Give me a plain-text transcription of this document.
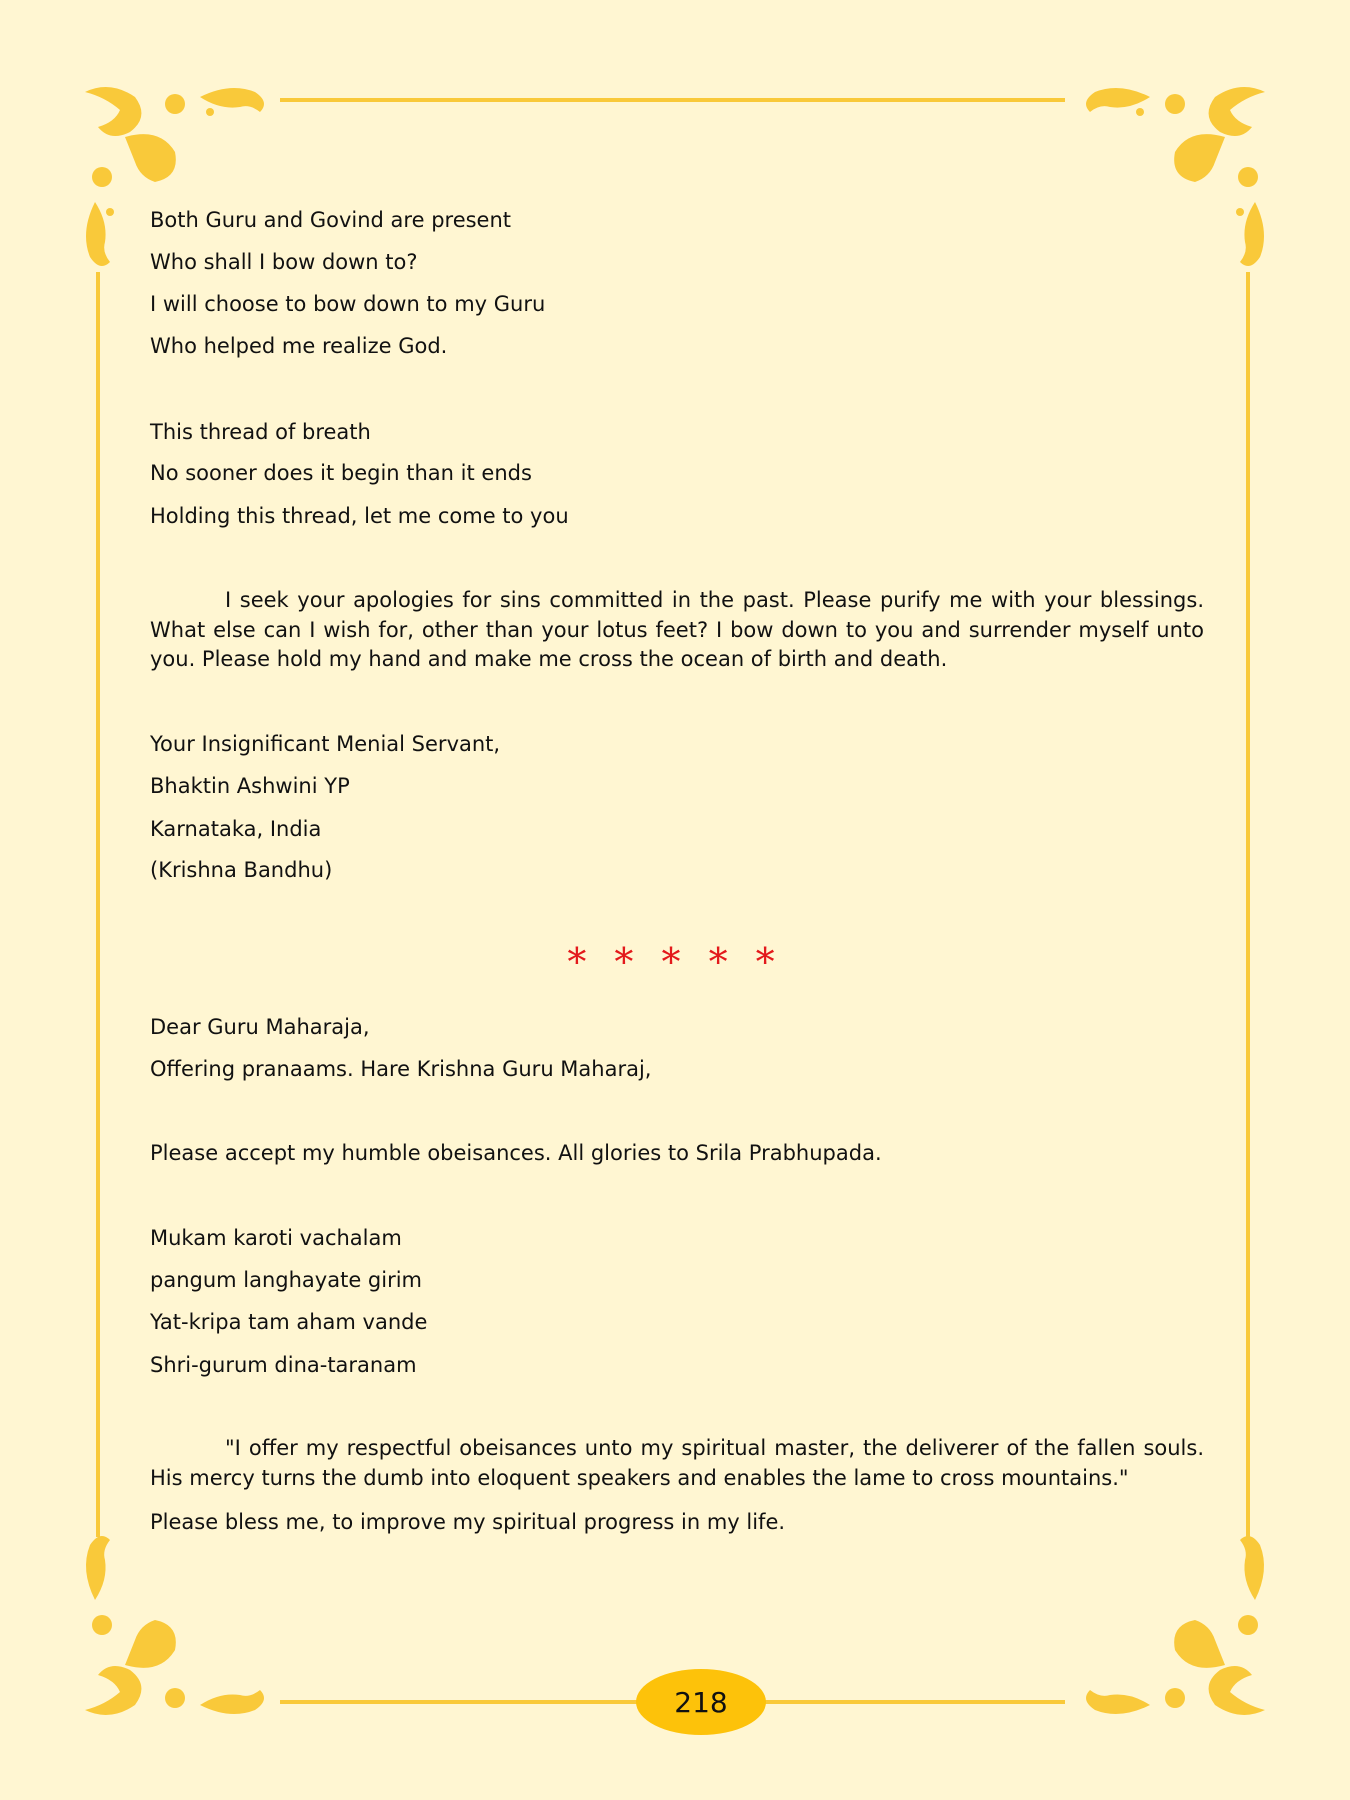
Both Guru and Govind are present
Who shall I bow down to?
I will choose to bow down to my Guru
Who helped me realize God.
This thread of breath
No sooner does it begin than it ends
Holding this thread, let me come to you
I seek your apologies for sins committed in the past. Please purify me with your blessings. What else can I wish for, other than your lotus feet? I bow down to you and surrender myself unto you. Please hold my hand and make me cross the ocean of birth and death.
Your Insignificant Menial Servant,
Bhaktin Ashwini YP
Karnataka, India
(Krishna Bandhu)
* * * * *
Dear Guru Maharaja,
Offering pranaams. Hare Krishna Guru Maharaj,
Please accept my humble obeisances. All glories to Srila Prabhupada.
Mukam karoti vachalam
pangum langhayate girim
Yat-kripa tam aham vande
Shri-gurum dina-taranam
"I offer my respectful obeisances unto my spiritual master, the deliverer of the fallen souls. His mercy turns the dumb into eloquent speakers and enables the lame to cross mountains."
Please bless me, to improve my spiritual progress in my life.
218
